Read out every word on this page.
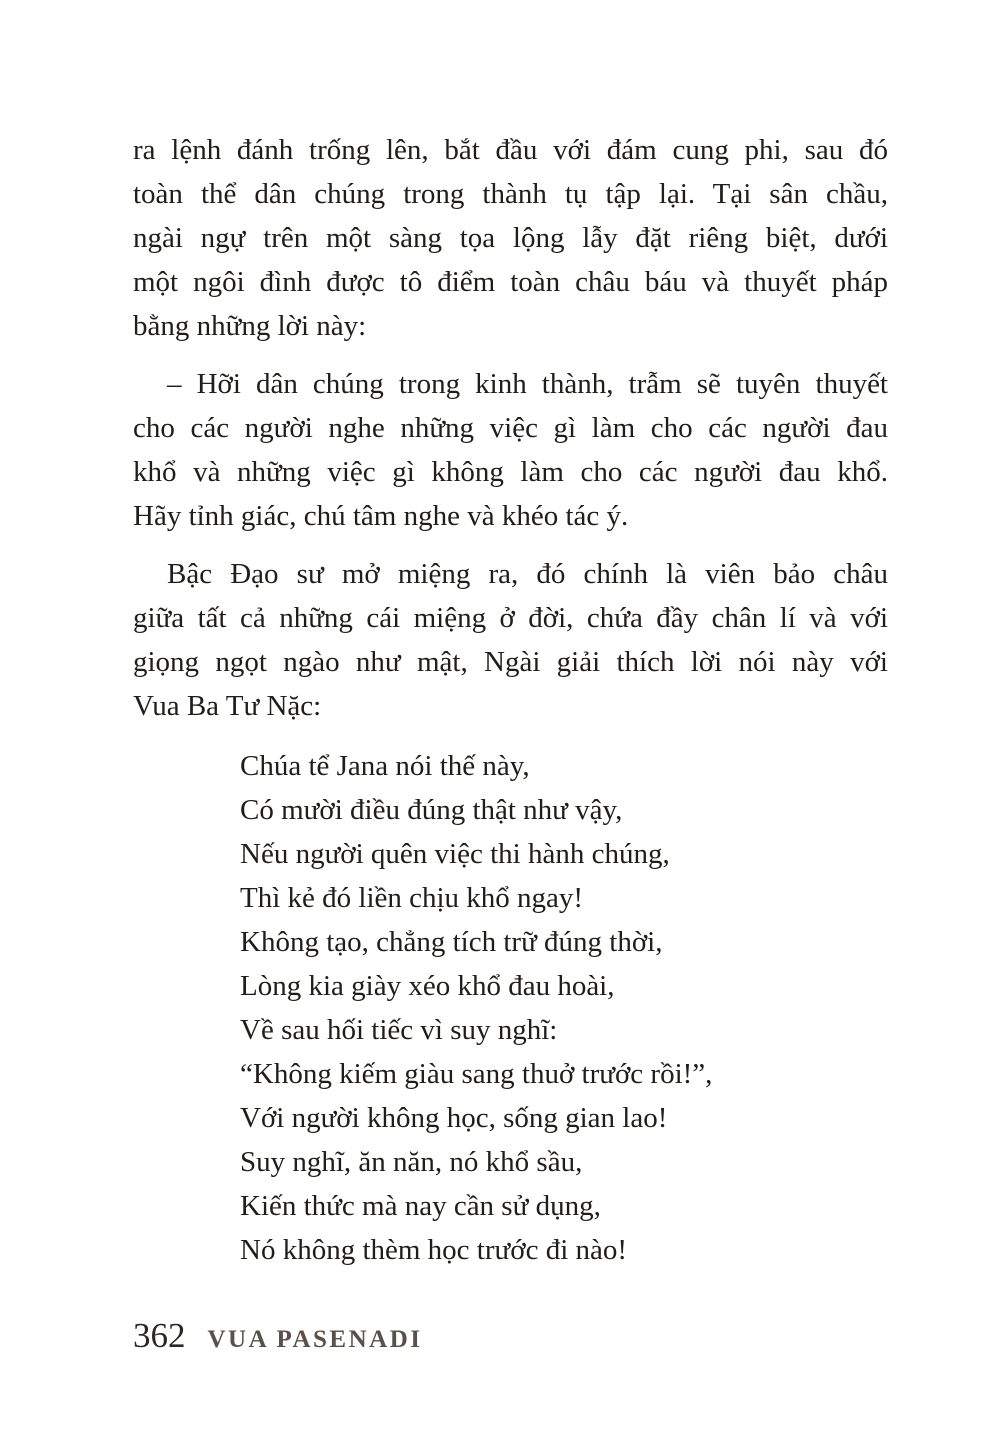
ra lệnh đánh trống lên, bắt đầu với đám cung phi, sau đó
toàn thể dân chúng trong thành tụ tập lại. Tại sân chầu,
ngài ngự trên một sàng tọa lộng lẫy đặt riêng biệt, dưới
một ngôi đình được tô điểm toàn châu báu và thuyết pháp
bằng những lời này:
– Hỡi dân chúng trong kinh thành, trẫm sẽ tuyên thuyết
cho các người nghe những việc gì làm cho các người đau
khổ và những việc gì không làm cho các người đau khổ.
Hãy tỉnh giác, chú tâm nghe và khéo tác ý.
Bậc Đạo sư mở miệng ra, đó chính là viên bảo châu
giữa tất cả những cái miệng ở đời, chứa đầy chân lí và với
giọng ngọt ngào như mật, Ngài giải thích lời nói này với
Vua Ba Tư Nặc:
Chúa tể Jana nói thế này,
Có mười điều đúng thật như vậy,
Nếu người quên việc thi hành chúng,
Thì kẻ đó liền chịu khổ ngay!
Không tạo, chẳng tích trữ đúng thời,
Lòng kia giày xéo khổ đau hoài,
Về sau hối tiếc vì suy nghĩ:
“Không kiếm giàu sang thuở trước rồi!”,
Với người không học, sống gian lao!
Suy nghĩ, ăn năn, nó khổ sầu,
Kiến thức mà nay cần sử dụng,
Nó không thèm học trước đi nào!
362 VUA PASENADI
